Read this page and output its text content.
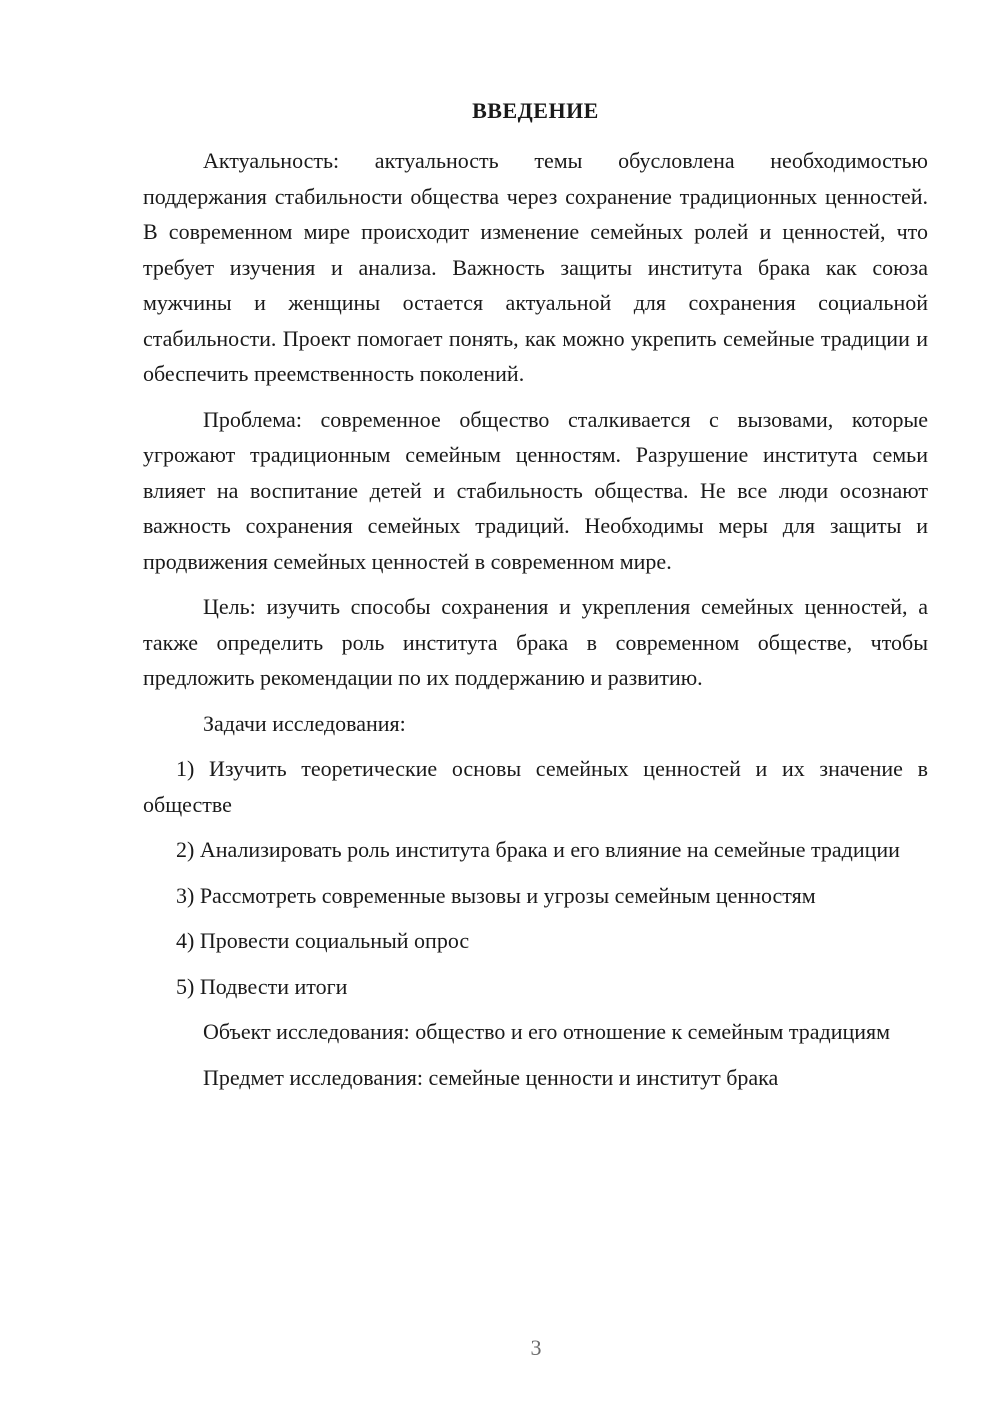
ВВЕДЕНИЕ

Актуальность: актуальность темы обусловлена необходимостью поддержания стабильности общества через сохранение традиционных ценностей. В современном мире происходит изменение семейных ролей и ценностей, что требует изучения и анализа. Важность защиты института брака как союза мужчины и женщины остается актуальной для сохранения социальной стабильности. Проект помогает понять, как можно укрепить семейные традиции и обеспечить преемственность поколений.

Проблема: современное общество сталкивается с вызовами, которые угрожают традиционным семейным ценностям. Разрушение института семьи влияет на воспитание детей и стабильность общества. Не все люди осознают важность сохранения семейных традиций. Необходимы меры для защиты и продвижения семейных ценностей в современном мире.

Цель: изучить способы сохранения и укрепления семейных ценностей, а также определить роль института брака в современном обществе, чтобы предложить рекомендации по их поддержанию и развитию.

Задачи исследования:

1) Изучить теоретические основы семейных ценностей и их значение в обществе

2) Анализировать роль института брака и его влияние на семейные традиции

3) Рассмотреть современные вызовы и угрозы семейным ценностям

4) Провести социальный опрос

5) Подвести итоги

Объект исследования: общество и его отношение к семейным традициям

Предмет исследования: семейные ценности и институт брака

3
